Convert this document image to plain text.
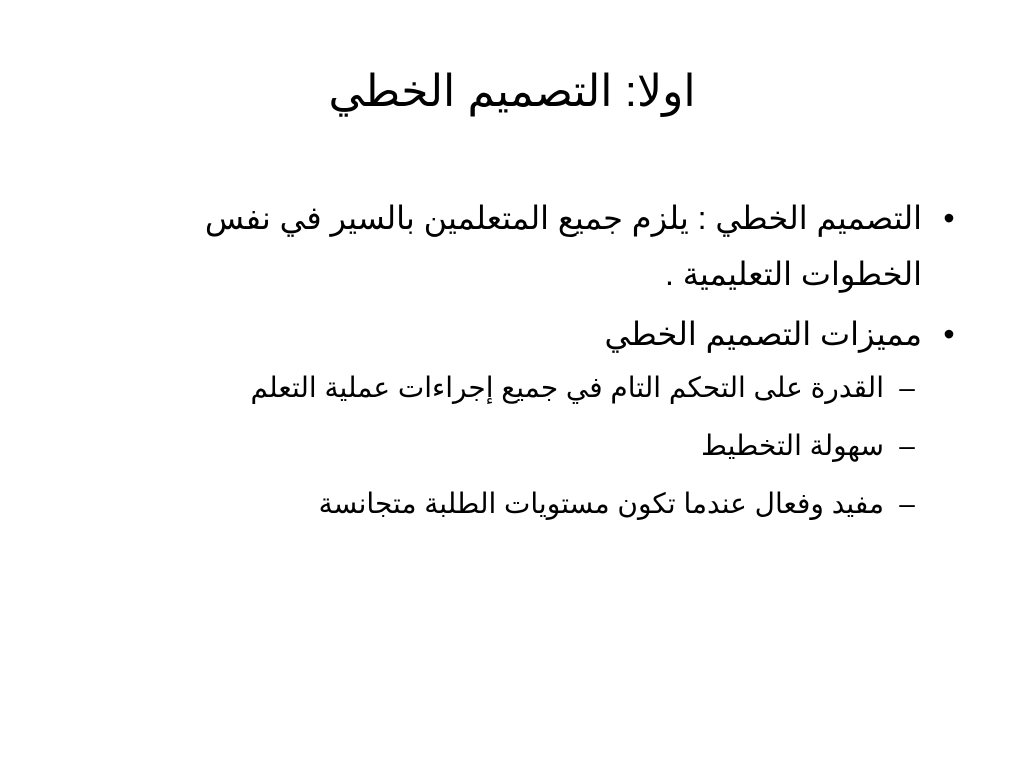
اولا: التصميم الخطي
•
التصميم الخطي : يلزم جميع المتعلمين بالسير في نفس الخطوات التعليمية .
•
مميزات التصميم الخطي
–
القدرة على التحكم التام في جميع إجراءات عملية التعلم
–
سهولة التخطيط
–
مفيد وفعال عندما تكون مستويات الطلبة متجانسة
